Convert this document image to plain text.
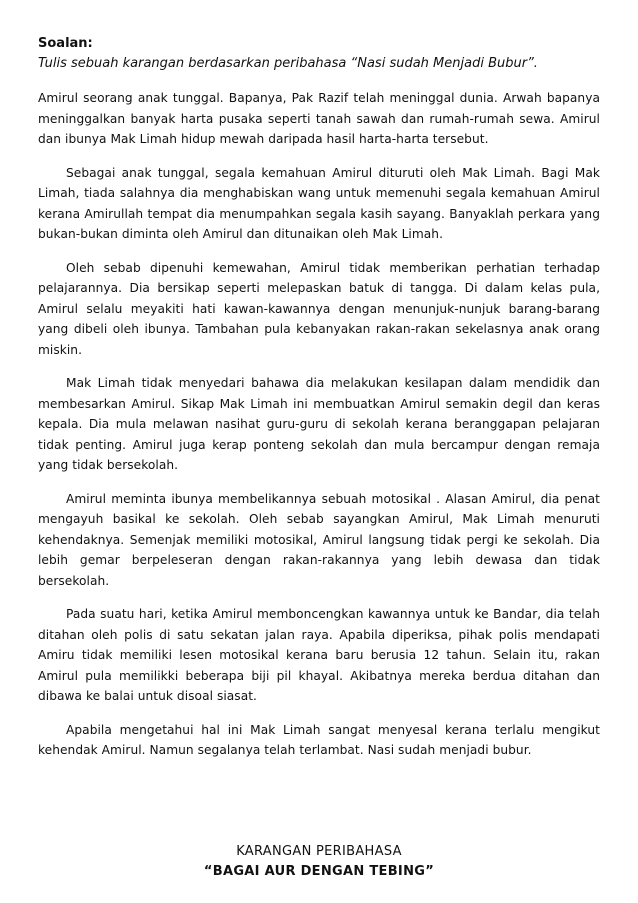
Soalan:

Tulis sebuah karangan berdasarkan peribahasa “Nasi sudah Menjadi Bubur”.

Amirul seorang anak tunggal. Bapanya, Pak Razif telah meninggal dunia. Arwah bapanya meninggalkan banyak harta pusaka seperti tanah sawah dan rumah-rumah sewa. Amirul dan ibunya Mak Limah hidup mewah daripada hasil harta-harta tersebut.

Sebagai anak tunggal, segala kemahuan Amirul dituruti oleh Mak Limah. Bagi Mak Limah, tiada salahnya dia menghabiskan wang untuk memenuhi segala kemahuan Amirul kerana Amirullah tempat dia menumpahkan segala kasih sayang. Banyaklah perkara yang bukan-bukan diminta oleh Amirul dan ditunaikan oleh Mak Limah.

Oleh sebab dipenuhi kemewahan, Amirul tidak memberikan perhatian terhadap pelajarannya. Dia bersikap seperti melepaskan batuk di tangga. Di dalam kelas pula, Amirul selalu meyakiti hati kawan-kawannya dengan menunjuk-nunjuk barang-barang yang dibeli oleh ibunya. Tambahan pula kebanyakan rakan-rakan sekelasnya anak orang miskin.

Mak Limah tidak menyedari bahawa dia melakukan kesilapan dalam mendidik dan membesarkan Amirul. Sikap Mak Limah ini membuatkan Amirul semakin degil dan keras kepala. Dia mula melawan nasihat guru-guru di sekolah kerana beranggapan pelajaran tidak penting. Amirul juga kerap ponteng sekolah dan mula bercampur dengan remaja yang tidak bersekolah.

Amirul meminta ibunya membelikannya sebuah motosikal . Alasan Amirul, dia penat mengayuh basikal ke sekolah. Oleh sebab sayangkan Amirul, Mak Limah menuruti kehendaknya. Semenjak memiliki motosikal, Amirul langsung tidak pergi ke sekolah. Dia lebih gemar berpeleseran dengan rakan-rakannya yang lebih dewasa dan tidak bersekolah.

Pada suatu hari, ketika Amirul memboncengkan kawannya untuk ke Bandar, dia telah ditahan oleh polis di satu sekatan jalan raya. Apabila diperiksa, pihak polis mendapati Amiru tidak memiliki lesen motosikal kerana baru berusia 12 tahun. Selain itu, rakan Amirul pula memilikki beberapa biji pil khayal. Akibatnya mereka berdua ditahan dan dibawa ke balai untuk disoal siasat.

Apabila mengetahui hal ini Mak Limah sangat menyesal kerana terlalu mengikut kehendak Amirul. Namun segalanya telah terlambat. Nasi sudah menjadi bubur.

KARANGAN PERIBAHASA

“BAGAI AUR DENGAN TEBING”
